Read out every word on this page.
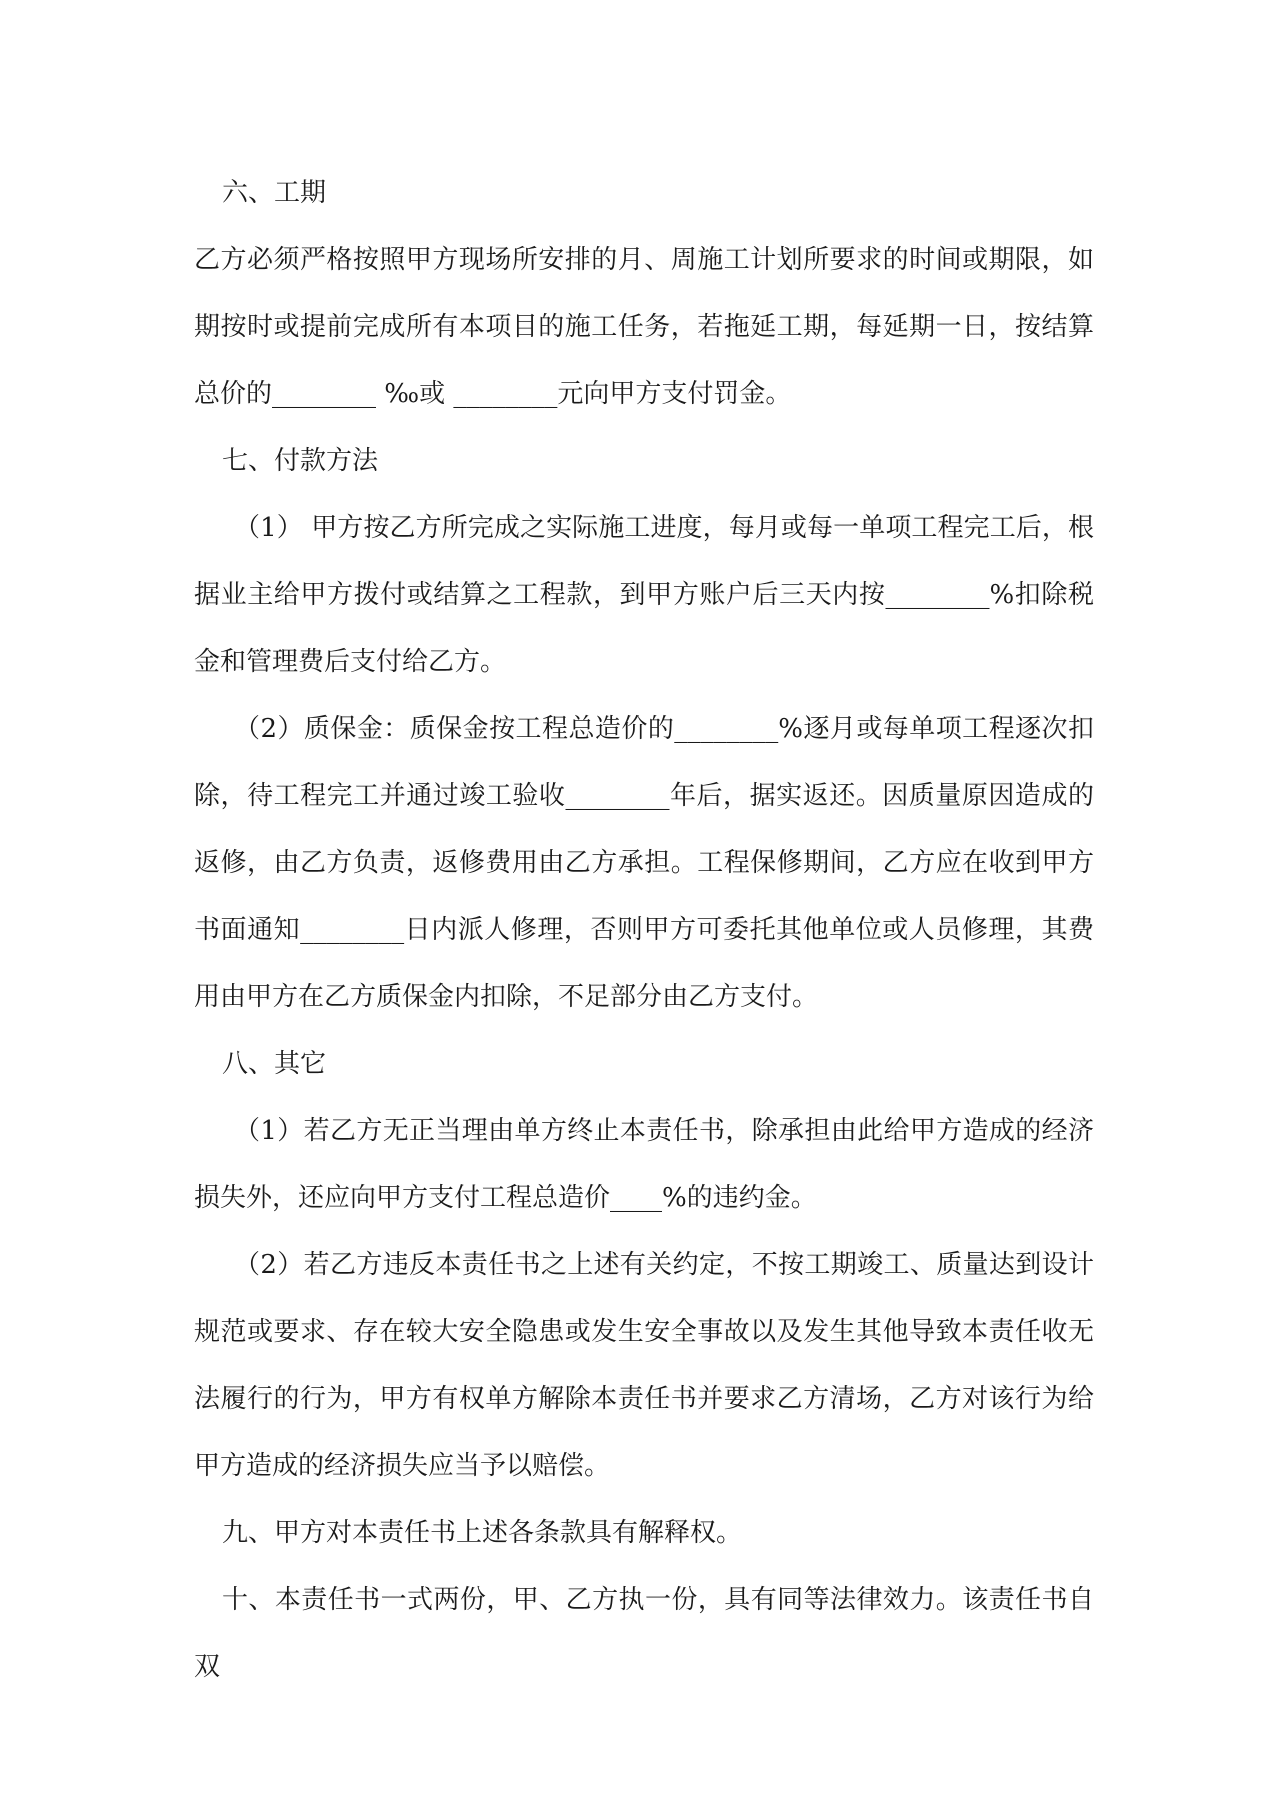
六、工期

乙方必须严格按照甲方现场所安排的月、周施工计划所要求的时间或期限，如期按时或提前完成所有本项目的施工任务，若拖延工期，每延期一日，按结算总价的________ ‰或 ________元向甲方支付罚金。

七、付款方法

（1） 甲方按乙方所完成之实际施工进度，每月或每一单项工程完工后，根据业主给甲方拨付或结算之工程款，到甲方账户后三天内按________%扣除税金和管理费后支付给乙方。

（2）质保金：质保金按工程总造价的________%逐月或每单项工程逐次扣除，待工程完工并通过竣工验收________年后，据实返还。因质量原因造成的返修，由乙方负责，返修费用由乙方承担。工程保修期间，乙方应在收到甲方书面通知________日内派人修理，否则甲方可委托其他单位或人员修理，其费用由甲方在乙方质保金内扣除，不足部分由乙方支付。

八、其它

（1）若乙方无正当理由单方终止本责任书，除承担由此给甲方造成的经济损失外，还应向甲方支付工程总造价____%的违约金。

（2）若乙方违反本责任书之上述有关约定，不按工期竣工、质量达到设计规范或要求、存在较大安全隐患或发生安全事故以及发生其他导致本责任收无法履行的行为，甲方有权单方解除本责任书并要求乙方清场，乙方对该行为给甲方造成的经济损失应当予以赔偿。

九、甲方对本责任书上述各条款具有解释权。

十、本责任书一式两份，甲、乙方执一份，具有同等法律效力。该责任书自双
